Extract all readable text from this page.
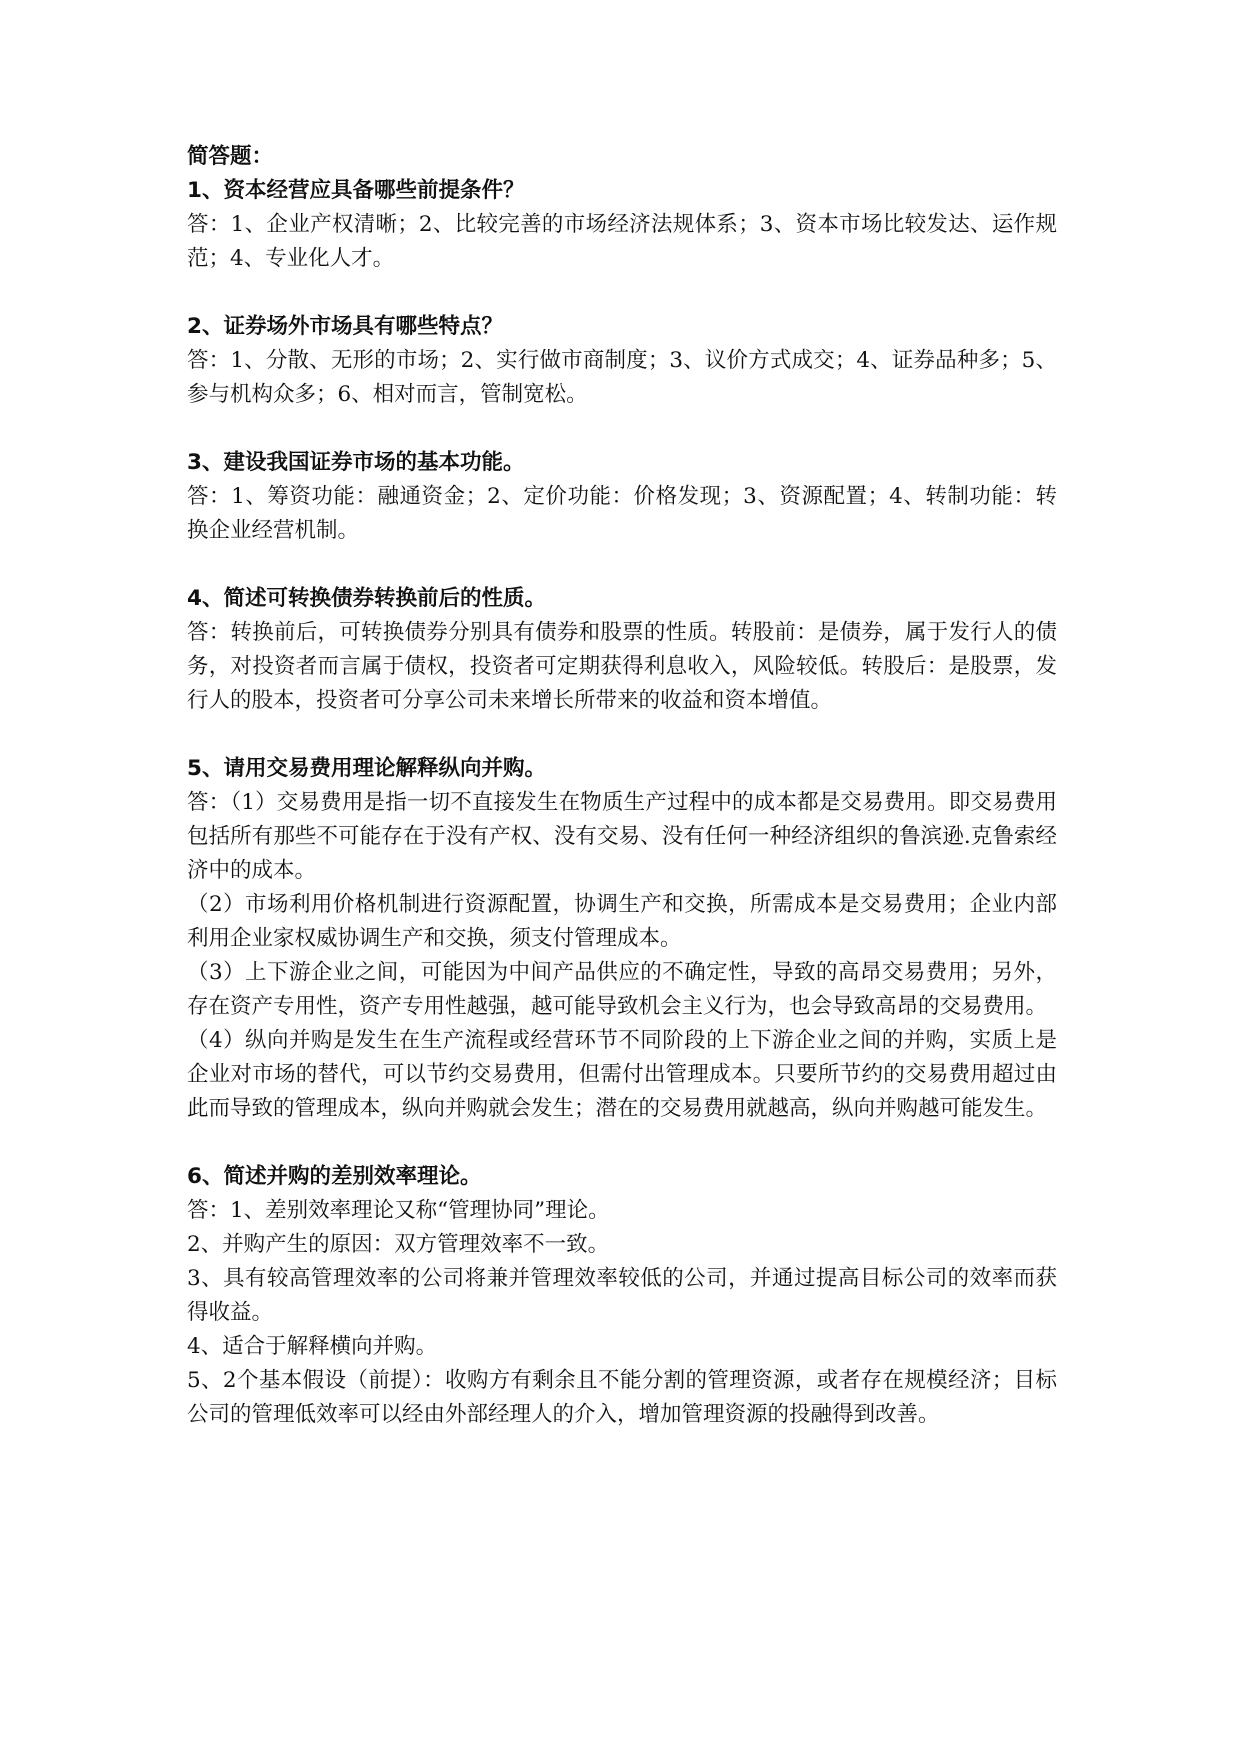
简答题：

1、资本经营应具备哪些前提条件？

答：1、企业产权清晰；2、比较完善的市场经济法规体系；3、资本市场比较发达、运作规范；4、专业化人才。

2、证券场外市场具有哪些特点？

答：1、分散、无形的市场；2、实行做市商制度；3、议价方式成交；4、证券品种多；5、参与机构众多；6、相对而言，管制宽松。

3、建设我国证券市场的基本功能。

答：1、筹资功能：融通资金；2、定价功能：价格发现；3、资源配置；4、转制功能：转换企业经营机制。

4、简述可转换债券转换前后的性质。

答：转换前后，可转换债券分别具有债券和股票的性质。转股前：是债券，属于发行人的债务，对投资者而言属于债权，投资者可定期获得利息收入，风险较低。转股后：是股票，发行人的股本，投资者可分享公司未来增长所带来的收益和资本增值。

5、请用交易费用理论解释纵向并购。

答：（1）交易费用是指一切不直接发生在物质生产过程中的成本都是交易费用。即交易费用包括所有那些不可能存在于没有产权、没有交易、没有任何一种经济组织的鲁滨逊.克鲁索经济中的成本。

（2）市场利用价格机制进行资源配置，协调生产和交换，所需成本是交易费用；企业内部利用企业家权威协调生产和交换，须支付管理成本。

（3）上下游企业之间，可能因为中间产品供应的不确定性，导致的高昂交易费用；另外，存在资产专用性，资产专用性越强，越可能导致机会主义行为，也会导致高昂的交易费用。

（4）纵向并购是发生在生产流程或经营环节不同阶段的上下游企业之间的并购，实质上是企业对市场的替代，可以节约交易费用，但需付出管理成本。只要所节约的交易费用超过由此而导致的管理成本，纵向并购就会发生；潜在的交易费用就越高，纵向并购越可能发生。

6、简述并购的差别效率理论。

答：1、差别效率理论又称“管理协同”理论。

2、并购产生的原因：双方管理效率不一致。

3、具有较高管理效率的公司将兼并管理效率较低的公司，并通过提高目标公司的效率而获得收益。

4、适合于解释横向并购。

5、2个基本假设（前提）：收购方有剩余且不能分割的管理资源，或者存在规模经济；目标公司的管理低效率可以经由外部经理人的介入，增加管理资源的投融得到改善。
